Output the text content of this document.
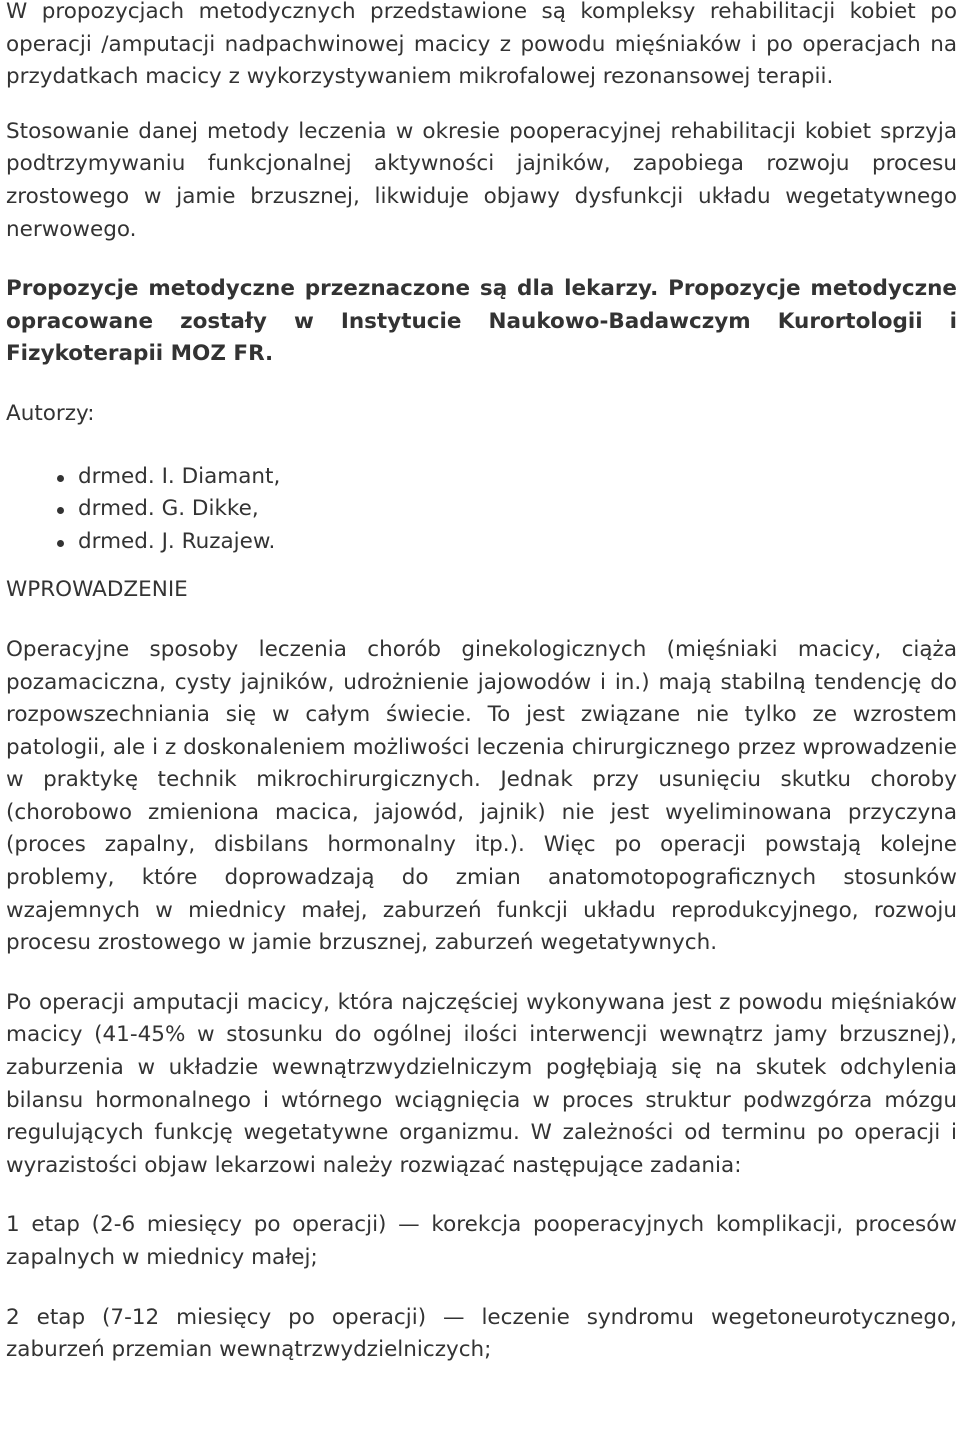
W propozycjach metodycznych przedstawione są kompleksy rehabilitacji kobiet po operacji /amputacji nadpachwinowej macicy z powodu mięśniaków i po operacjach na przydatkach macicy z wykorzystywaniem mikrofalowej rezonansowej terapii.

Stosowanie danej metody leczenia w okresie pooperacyjnej rehabilitacji kobiet sprzyja podtrzymywaniu funkcjonalnej aktywności jajników, zapobiega rozwoju procesu zrostowego w jamie brzusznej, likwiduje objawy dysfunkcji układu wegetatywnego nerwowego.

Propozycje metodyczne przeznaczone są dla lekarzy. Propozycje metodyczne opracowane zostały w Instytucie Naukowo-Badawczym Kurortologii i Fizykoterapii MOZ FR.

Autorzy:

drmed. I. Diamant,
drmed. G. Dikke,
drmed. J. Ruzajew.

WPROWADZENIE

Operacyjne sposoby leczenia chorób ginekologicznych (mięśniaki macicy, ciąża pozamaciczna, cysty jajników, udrożnienie jajowodów i in.) mają stabilną tendencję do rozpowszechniania się w całym świecie. To jest związane nie tylko ze wzrostem patologii, ale i z doskonaleniem możliwości leczenia chirurgicznego przez wprowadzenie w praktykę technik mikrochirurgicznych. Jednak przy usunięciu skutku choroby (chorobowo zmieniona macica, jajowód, jajnik) nie jest wyeliminowana przyczyna (proces zapalny, disbilans hormonalny itp.). Więc po operacji powstają kolejne problemy, które doprowadzają do zmian anatomotopograficznych stosunków wzajemnych w miednicy małej, zaburzeń funkcji układu reprodukcyjnego, rozwoju procesu zrostowego w jamie brzusznej, zaburzeń wegetatywnych.

Po operacji amputacji macicy, która najczęściej wykonywana jest z powodu mięśniaków macicy (41-45% w stosunku do ogólnej ilości interwencji wewnątrz jamy brzusznej), zaburzenia w układzie wewnątrzwydzielniczym pogłębiają się na skutek odchylenia bilansu hormonalnego i wtórnego wciągnięcia w proces struktur podwzgórza mózgu regulujących funkcję wegetatywne organizmu. W zależności od terminu po operacji i wyrazistości objaw lekarzowi należy rozwiązać następujące zadania:

1 etap (2-6 miesięcy po operacji) — korekcja pooperacyjnych komplikacji, procesów zapalnych w miednicy małej;

2 etap (7-12 miesięcy po operacji) — leczenie syndromu wegetoneurotycznego, zaburzeń przemian wewnątrzwydzielniczych;
